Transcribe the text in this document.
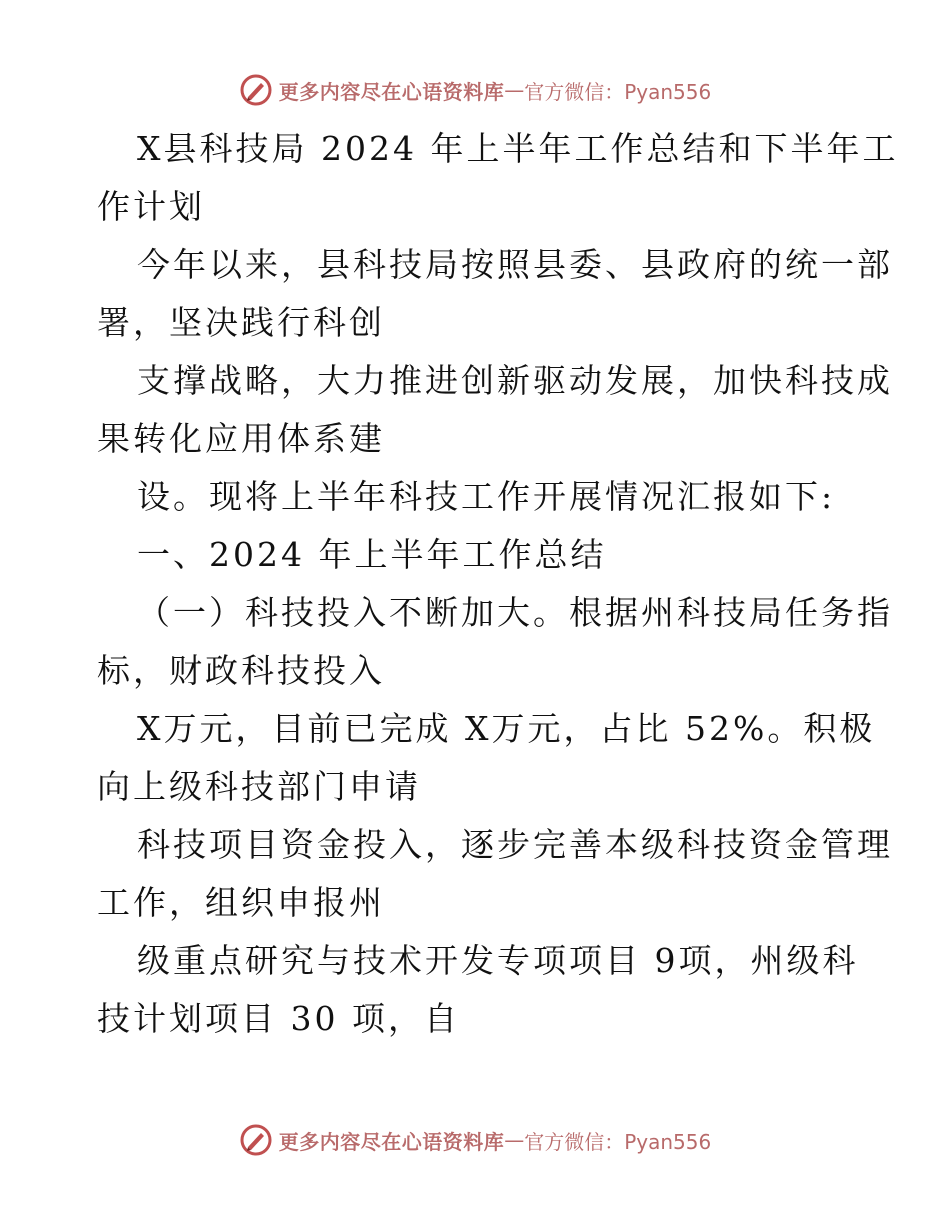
更多内容尽在心语资料库 — 官方微信：Pyan556
X县科技局 2024 年上半年工作总结和下半年工
作计划
今年以来，县科技局按照县委、县政府的统一部
署，坚决践行科创
支撑战略，大力推进创新驱动发展，加快科技成
果转化应用体系建
设。现将上半年科技工作开展情况汇报如下:
一、2024 年上半年工作总结
（一）科技投入不断加大。根据州科技局任务指
标，财政科技投入
X万元，目前已完成 X万元，占比 52%。积极
向上级科技部门申请
科技项目资金投入，逐步完善本级科技资金管理
工作，组织申报州
级重点研究与技术开发专项项目 9项，州级科
技计划项目 30 项，自
更多内容尽在心语资料库 — 官方微信：Pyan556
